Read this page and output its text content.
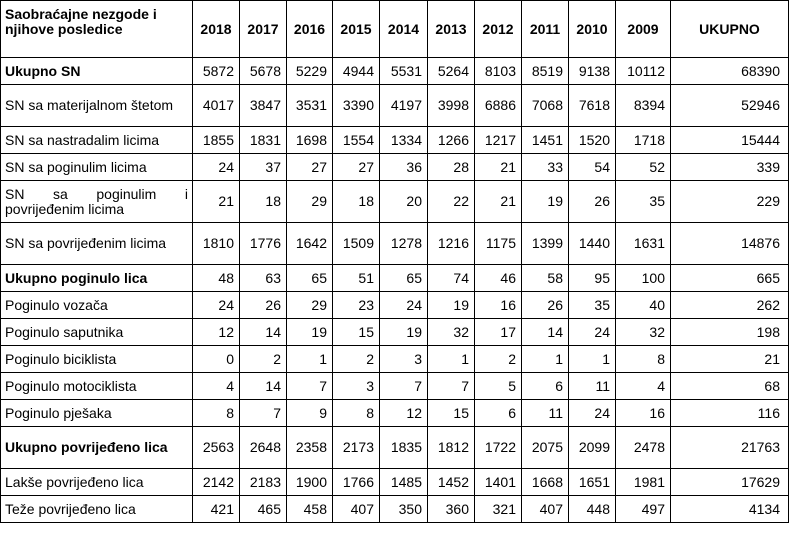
Saobraćajne nezgode i njihove posledice	2018	2017	2016	2015	2014	2013	2012	2011	2010	2009	UKUPNO
Ukupno SN	5872	5678	5229	4944	5531	5264	8103	8519	9138	10112	68390
SN sa materijalnom štetom	4017	3847	3531	3390	4197	3998	6886	7068	7618	8394	52946
SN sa nastradalim licima	1855	1831	1698	1554	1334	1266	1217	1451	1520	1718	15444
SN sa poginulim licima	24	37	27	27	36	28	21	33	54	52	339
SN sa poginulim i povrijeđenim licima	21	18	29	18	20	22	21	19	26	35	229
SN sa povrijeđenim licima	1810	1776	1642	1509	1278	1216	1175	1399	1440	1631	14876
Ukupno poginulo lica	48	63	65	51	65	74	46	58	95	100	665
Poginulo vozača	24	26	29	23	24	19	16	26	35	40	262
Poginulo saputnika	12	14	19	15	19	32	17	14	24	32	198
Poginulo biciklista	0	2	1	2	3	1	2	1	1	8	21
Poginulo motociklista	4	14	7	3	7	7	5	6	11	4	68
Poginulo pješaka	8	7	9	8	12	15	6	11	24	16	116
Ukupno povrijeđeno lica	2563	2648	2358	2173	1835	1812	1722	2075	2099	2478	21763
Lakše povrijeđeno lica	2142	2183	1900	1766	1485	1452	1401	1668	1651	1981	17629
Teže povrijeđeno lica	421	465	458	407	350	360	321	407	448	497	4134
